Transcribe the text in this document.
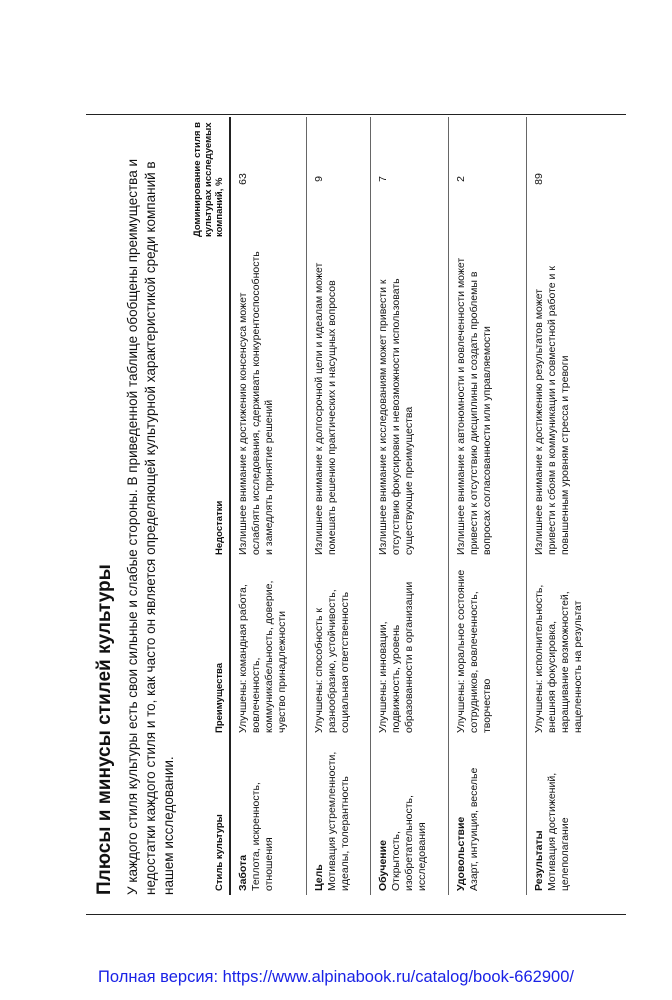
Плюсы и минусы стилей культуры У каждого стиля культуры есть свои сильные и слабые стороны. В приведенной таблице обобщены преимущества и недостатки каждого стиля и то, как часто он является определяющей культурной характеристикой среди компаний в нашем исследовании.	Стиль культуры	Преимущества	Недостатки	Доминирование стиля в культурах исследуемых компаний, %

Забота Теплота, искренность, отношения	Улучшены: командная работа, вовлеченность, коммуникабельность, доверие, чувство принадлежности	Излишнее внимание к достижению консенсуса может ослаблять исследования, сдерживать конкурентоспособность и замедлять принятие решений	63

Цель Мотивация устремленности, идеалы, толерантность	Улучшены: способность к разнообразию, устойчивость, социальная ответственность	Излишнее внимание к долгосрочной цели и идеалам может помешать решению практических и насущных вопросов	9

Обучение Открытость, изобретательность, исследования	Улучшены: инновации, подвижность, уровень образованности в организации	Излишнее внимание к исследованиям может привести к отсутствию фокусировки и невозможности использовать существующие преимущества	7

Удовольствие Азарт, интуиция, веселье	Улучшены: моральное состояние сотрудников, вовлеченность, творчество	Излишнее внимание к автономности и вовлеченности может привести к отсутствию дисциплины и создать проблемы в вопросах согласованности или управляемости	2

Результаты Мотивация достижений, целеполагание	Улучшены: исполнительность, внешняя фокусировка, наращивание возможностей, нацеленность на результат	Излишнее внимание к достижению результатов может привести к сбоям в коммуникации и совместной работе и к повышенным уровням стресса и тревоги	89
Полная версия: https://www.alpinabook.ru/catalog/book-662900/
